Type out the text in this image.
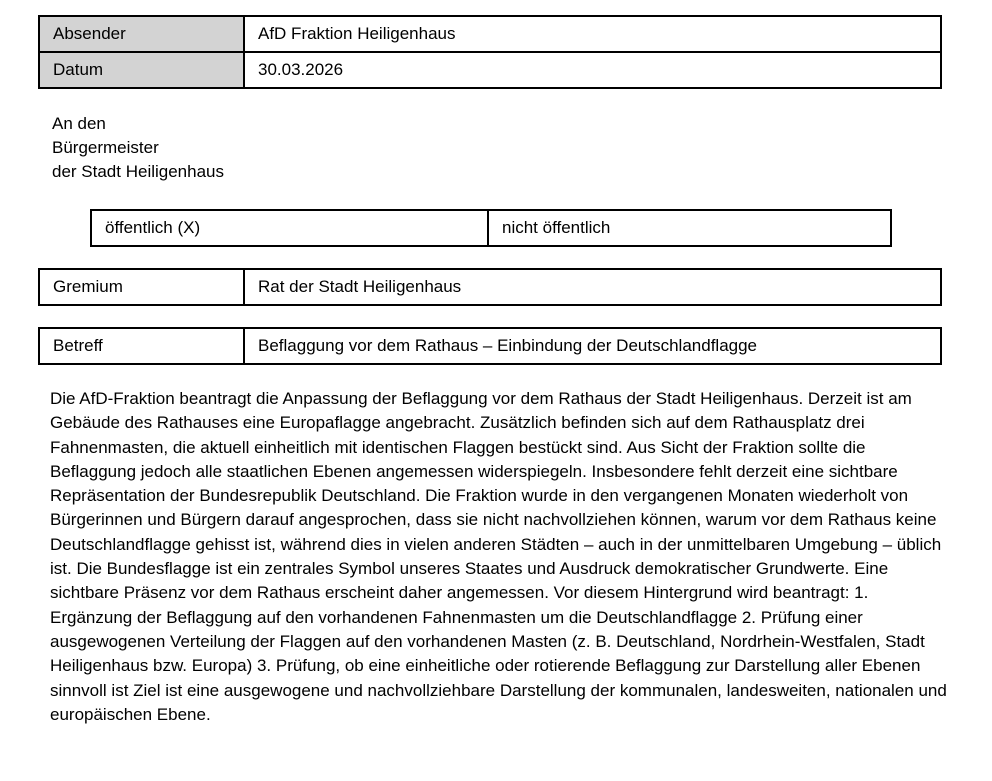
Absender	AfD Fraktion Heiligenhaus
Datum	30.03.2026
An den
Bürgermeister
der Stadt Heiligenhaus
öffentlich (X)	nicht öffentlich
Gremium	Rat der Stadt Heiligenhaus
Betreff	Beflaggung vor dem Rathaus – Einbindung der Deutschlandflagge
Die AfD-Fraktion beantragt die Anpassung der Beflaggung vor dem Rathaus der Stadt Heiligenhaus. Derzeit ist am Gebäude des Rathauses eine Europaflagge angebracht. Zusätzlich befinden sich auf dem Rathausplatz drei Fahnenmasten, die aktuell einheitlich mit identischen Flaggen bestückt sind. Aus Sicht der Fraktion sollte die Beflaggung jedoch alle staatlichen Ebenen angemessen widerspiegeln. Insbesondere fehlt derzeit eine sichtbare Repräsentation der Bundesrepublik Deutschland. Die Fraktion wurde in den vergangenen Monaten wiederholt von Bürgerinnen und Bürgern darauf angesprochen, dass sie nicht nachvollziehen können, warum vor dem Rathaus keine Deutschlandflagge gehisst ist, während dies in vielen anderen Städten – auch in der unmittelbaren Umgebung – üblich ist. Die Bundesflagge ist ein zentrales Symbol unseres Staates und Ausdruck demokratischer Grundwerte. Eine sichtbare Präsenz vor dem Rathaus erscheint daher angemessen. Vor diesem Hintergrund wird beantragt: 1. Ergänzung der Beflaggung auf den vorhandenen Fahnenmasten um die Deutschlandflagge 2. Prüfung einer ausgewogenen Verteilung der Flaggen auf den vorhandenen Masten (z. B. Deutschland, Nordrhein-Westfalen, Stadt Heiligenhaus bzw. Europa) 3. Prüfung, ob eine einheitliche oder rotierende Beflaggung zur Darstellung aller Ebenen sinnvoll ist Ziel ist eine ausgewogene und nachvollziehbare Darstellung der kommunalen, landesweiten, nationalen und europäischen Ebene.
